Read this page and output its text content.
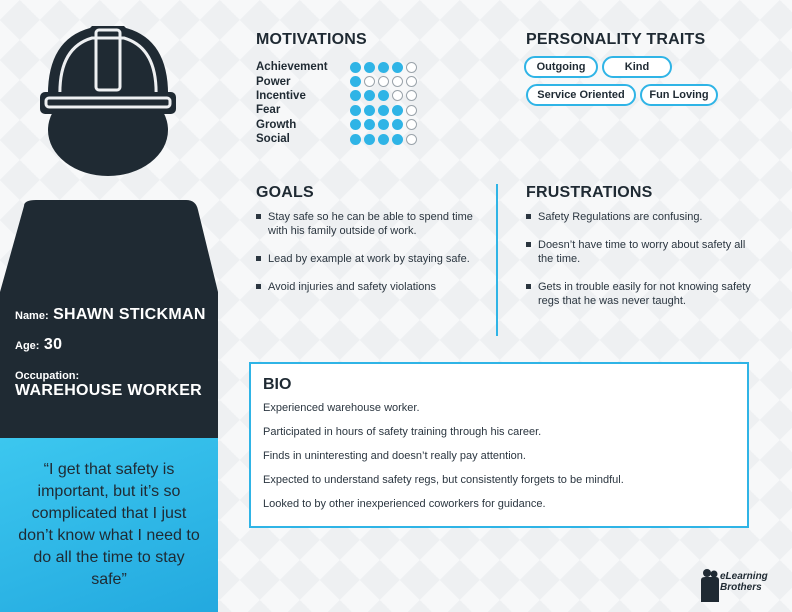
Name: SHAWN STICKMAN
Age: 30
Occupation:
WAREHOUSE WORKER

“I get that safety is important, but it’s so complicated that I just don’t know what I need to do all the time to stay safe”

MOTIVATIONS
Achievement
Power
Incentive
Fear
Growth
Social
PERSONALITY TRAITS
Outgoing	Kind
Service Oriented	Fun Loving
GOALS
Stay safe so he can be able to spend time with his family outside of work.
Lead by example at work by staying safe.
Avoid injuries and safety violations
FRUSTRATIONS
Safety Regulations are confusing.
Doesn’t have time to worry about safety all the time.
Gets in trouble easily for not knowing safety regs that he was never taught.
BIO
Experienced warehouse worker.
Participated in hours of safety training through his career.
Finds in uninteresting and doesn’t really pay attention.
Expected to understand safety regs, but consistently forgets to be mindful.
Looked to by other inexperienced coworkers for guidance.
eLearning
Brothers
